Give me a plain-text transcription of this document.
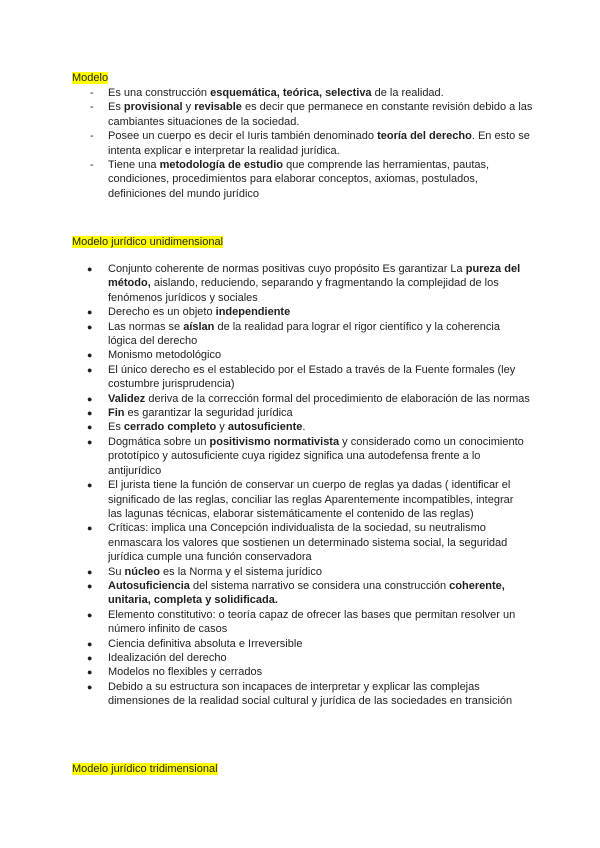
Modelo
- Es una construcción esquemática, teórica, selectiva de la realidad.
- Es provisional y revisable es decir que permanece en constante revisión debido a las cambiantes situaciones de la sociedad.
- Posee un cuerpo es decir el Iuris también denominado teoría del derecho. En esto se intenta explicar e interpretar la realidad jurídica.
- Tiene una metodología de estudio que comprende las herramientas, pautas, condiciones, procedimientos para elaborar conceptos, axiomas, postulados, definiciones del mundo jurídico
Modelo jurídico unidimensional
● Conjunto coherente de normas positivas cuyo propósito Es garantizar La pureza del método, aislando, reduciendo, separando y fragmentando la complejidad de los fenómenos jurídicos y sociales
● Derecho es un objeto independiente
● Las normas se aíslan de la realidad para lograr el rigor científico y la coherencia lógica del derecho
● Monismo metodológico
● El único derecho es el establecido por el Estado a través de la Fuente formales (ley costumbre jurisprudencia)
● Validez deriva de la corrección formal del procedimiento de elaboración de las normas
● Fin es garantizar la seguridad jurídica
● Es cerrado completo y autosuficiente.
● Dogmática sobre un positivismo normativista y considerado como un conocimiento prototípico y autosuficiente cuya rigidez significa una autodefensa frente a lo antijurídico
● El jurista tiene la función de conservar un cuerpo de reglas ya dadas ( identificar el significado de las reglas, conciliar las reglas Aparentemente incompatibles, integrar las lagunas técnicas, elaborar sistemáticamente el contenido de las reglas)
● Críticas: implica una Concepción individualista de la sociedad, su neutralismo enmascara los valores que sostienen un determinado sistema social, la seguridad jurídica cumple una función conservadora
● Su núcleo es la Norma y el sistema jurídico
● Autosuficiencia del sistema narrativo se considera una construcción coherente, unitaria, completa y solidificada.
● Elemento constitutivo: o teoría capaz de ofrecer las bases que permitan resolver un número infinito de casos
● Ciencia definitiva absoluta e Irreversible
● Idealización del derecho
● Modelos no flexibles y cerrados
● Debido a su estructura son incapaces de interpretar y explicar las complejas dimensiones de la realidad social cultural y jurídica de las sociedades en transición
Modelo jurídico tridimensional
